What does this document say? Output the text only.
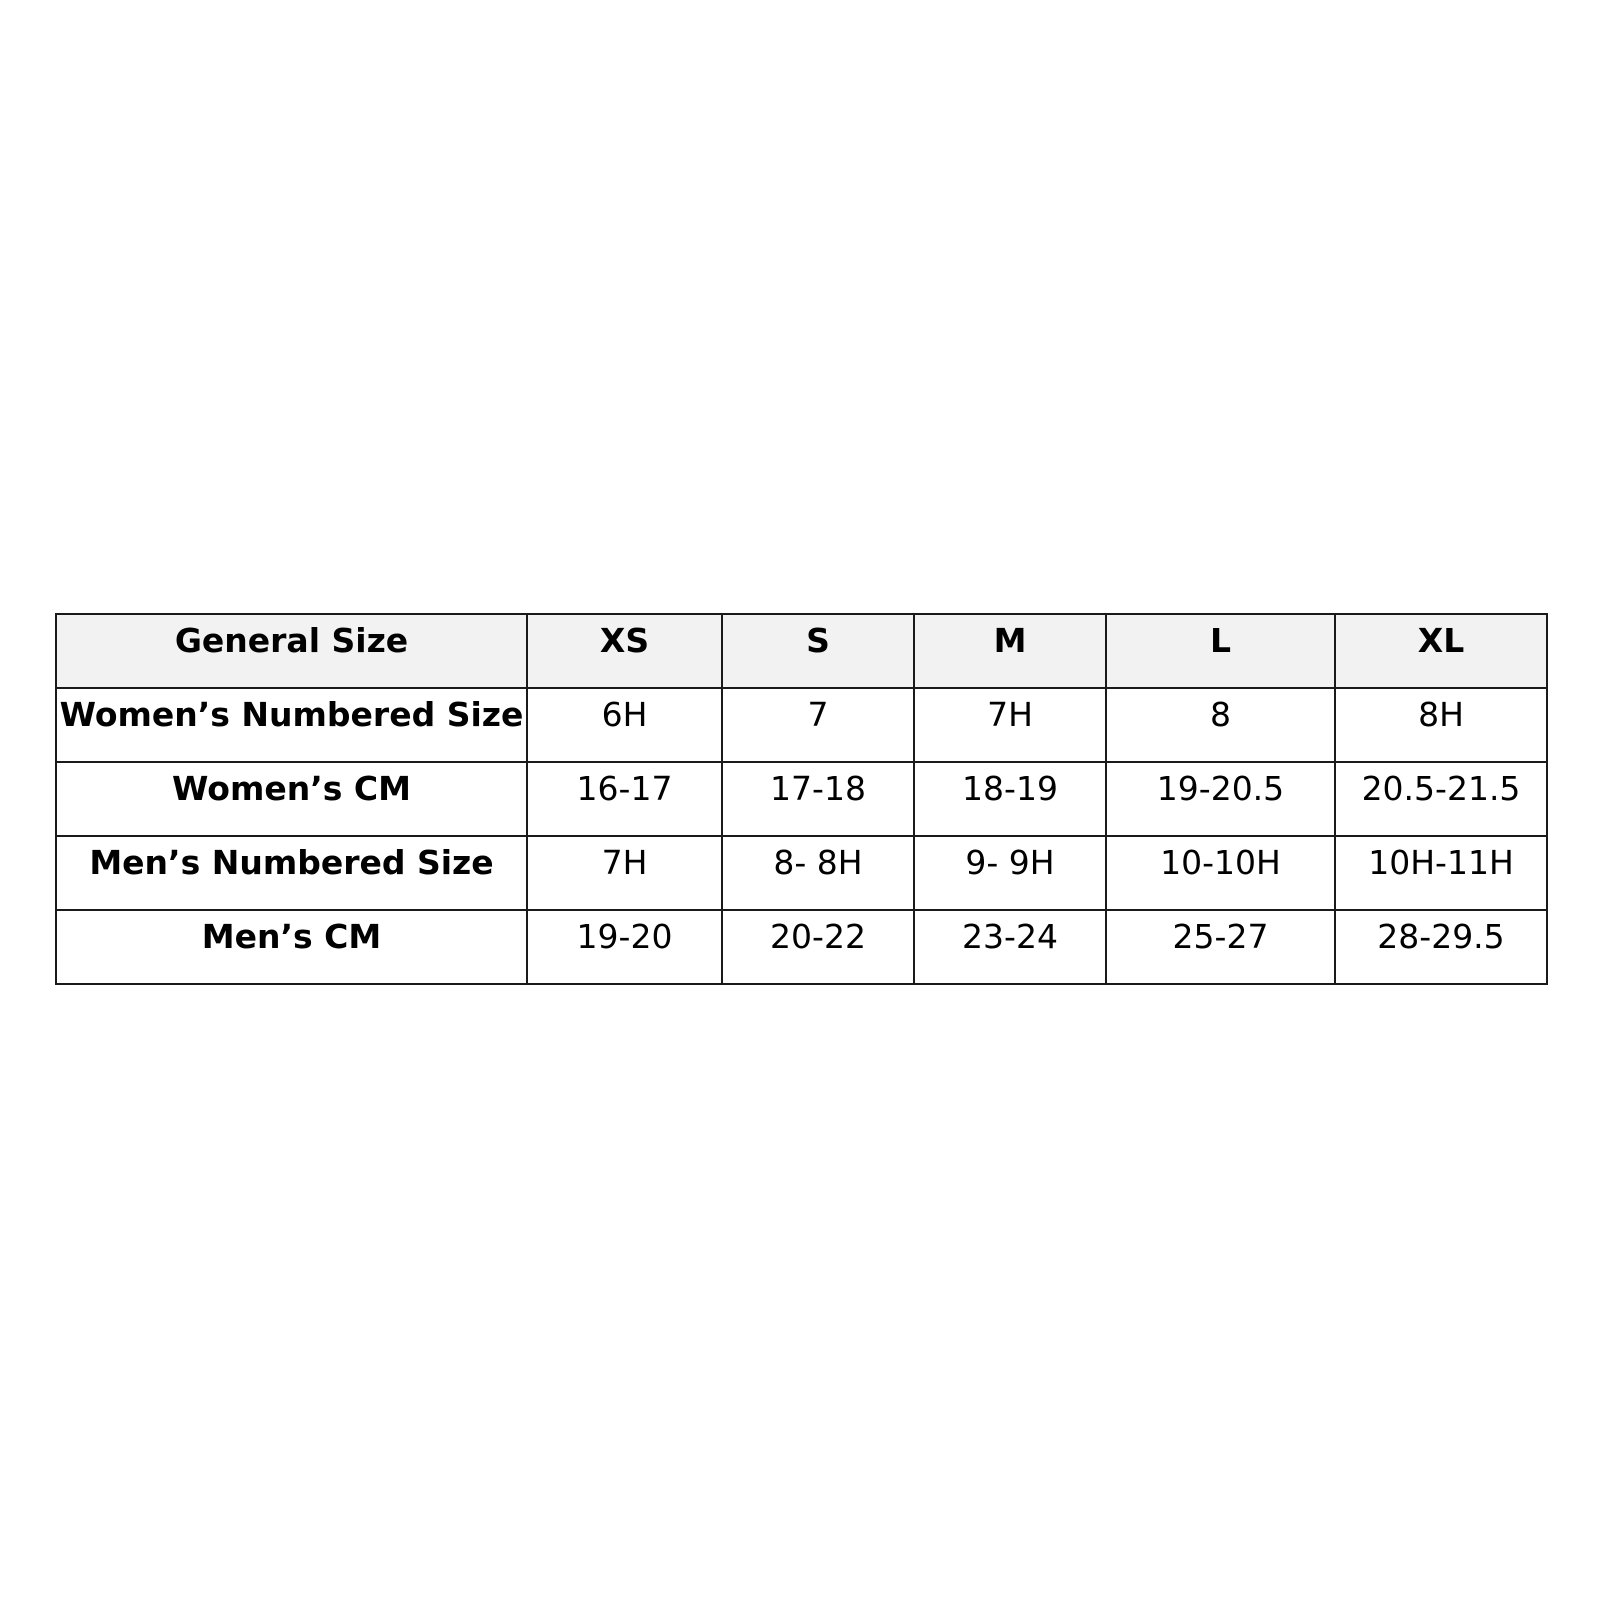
General Size	XS	S	M	L	XL
Women’s Numbered Size	6H	7	7H	8	8H
Women’s CM	16-17	17-18	18-19	19-20.5	20.5-21.5
Men’s Numbered Size	7H	8- 8H	9- 9H	10-10H	10H-11H
Men’s CM	19-20	20-22	23-24	25-27	28-29.5
